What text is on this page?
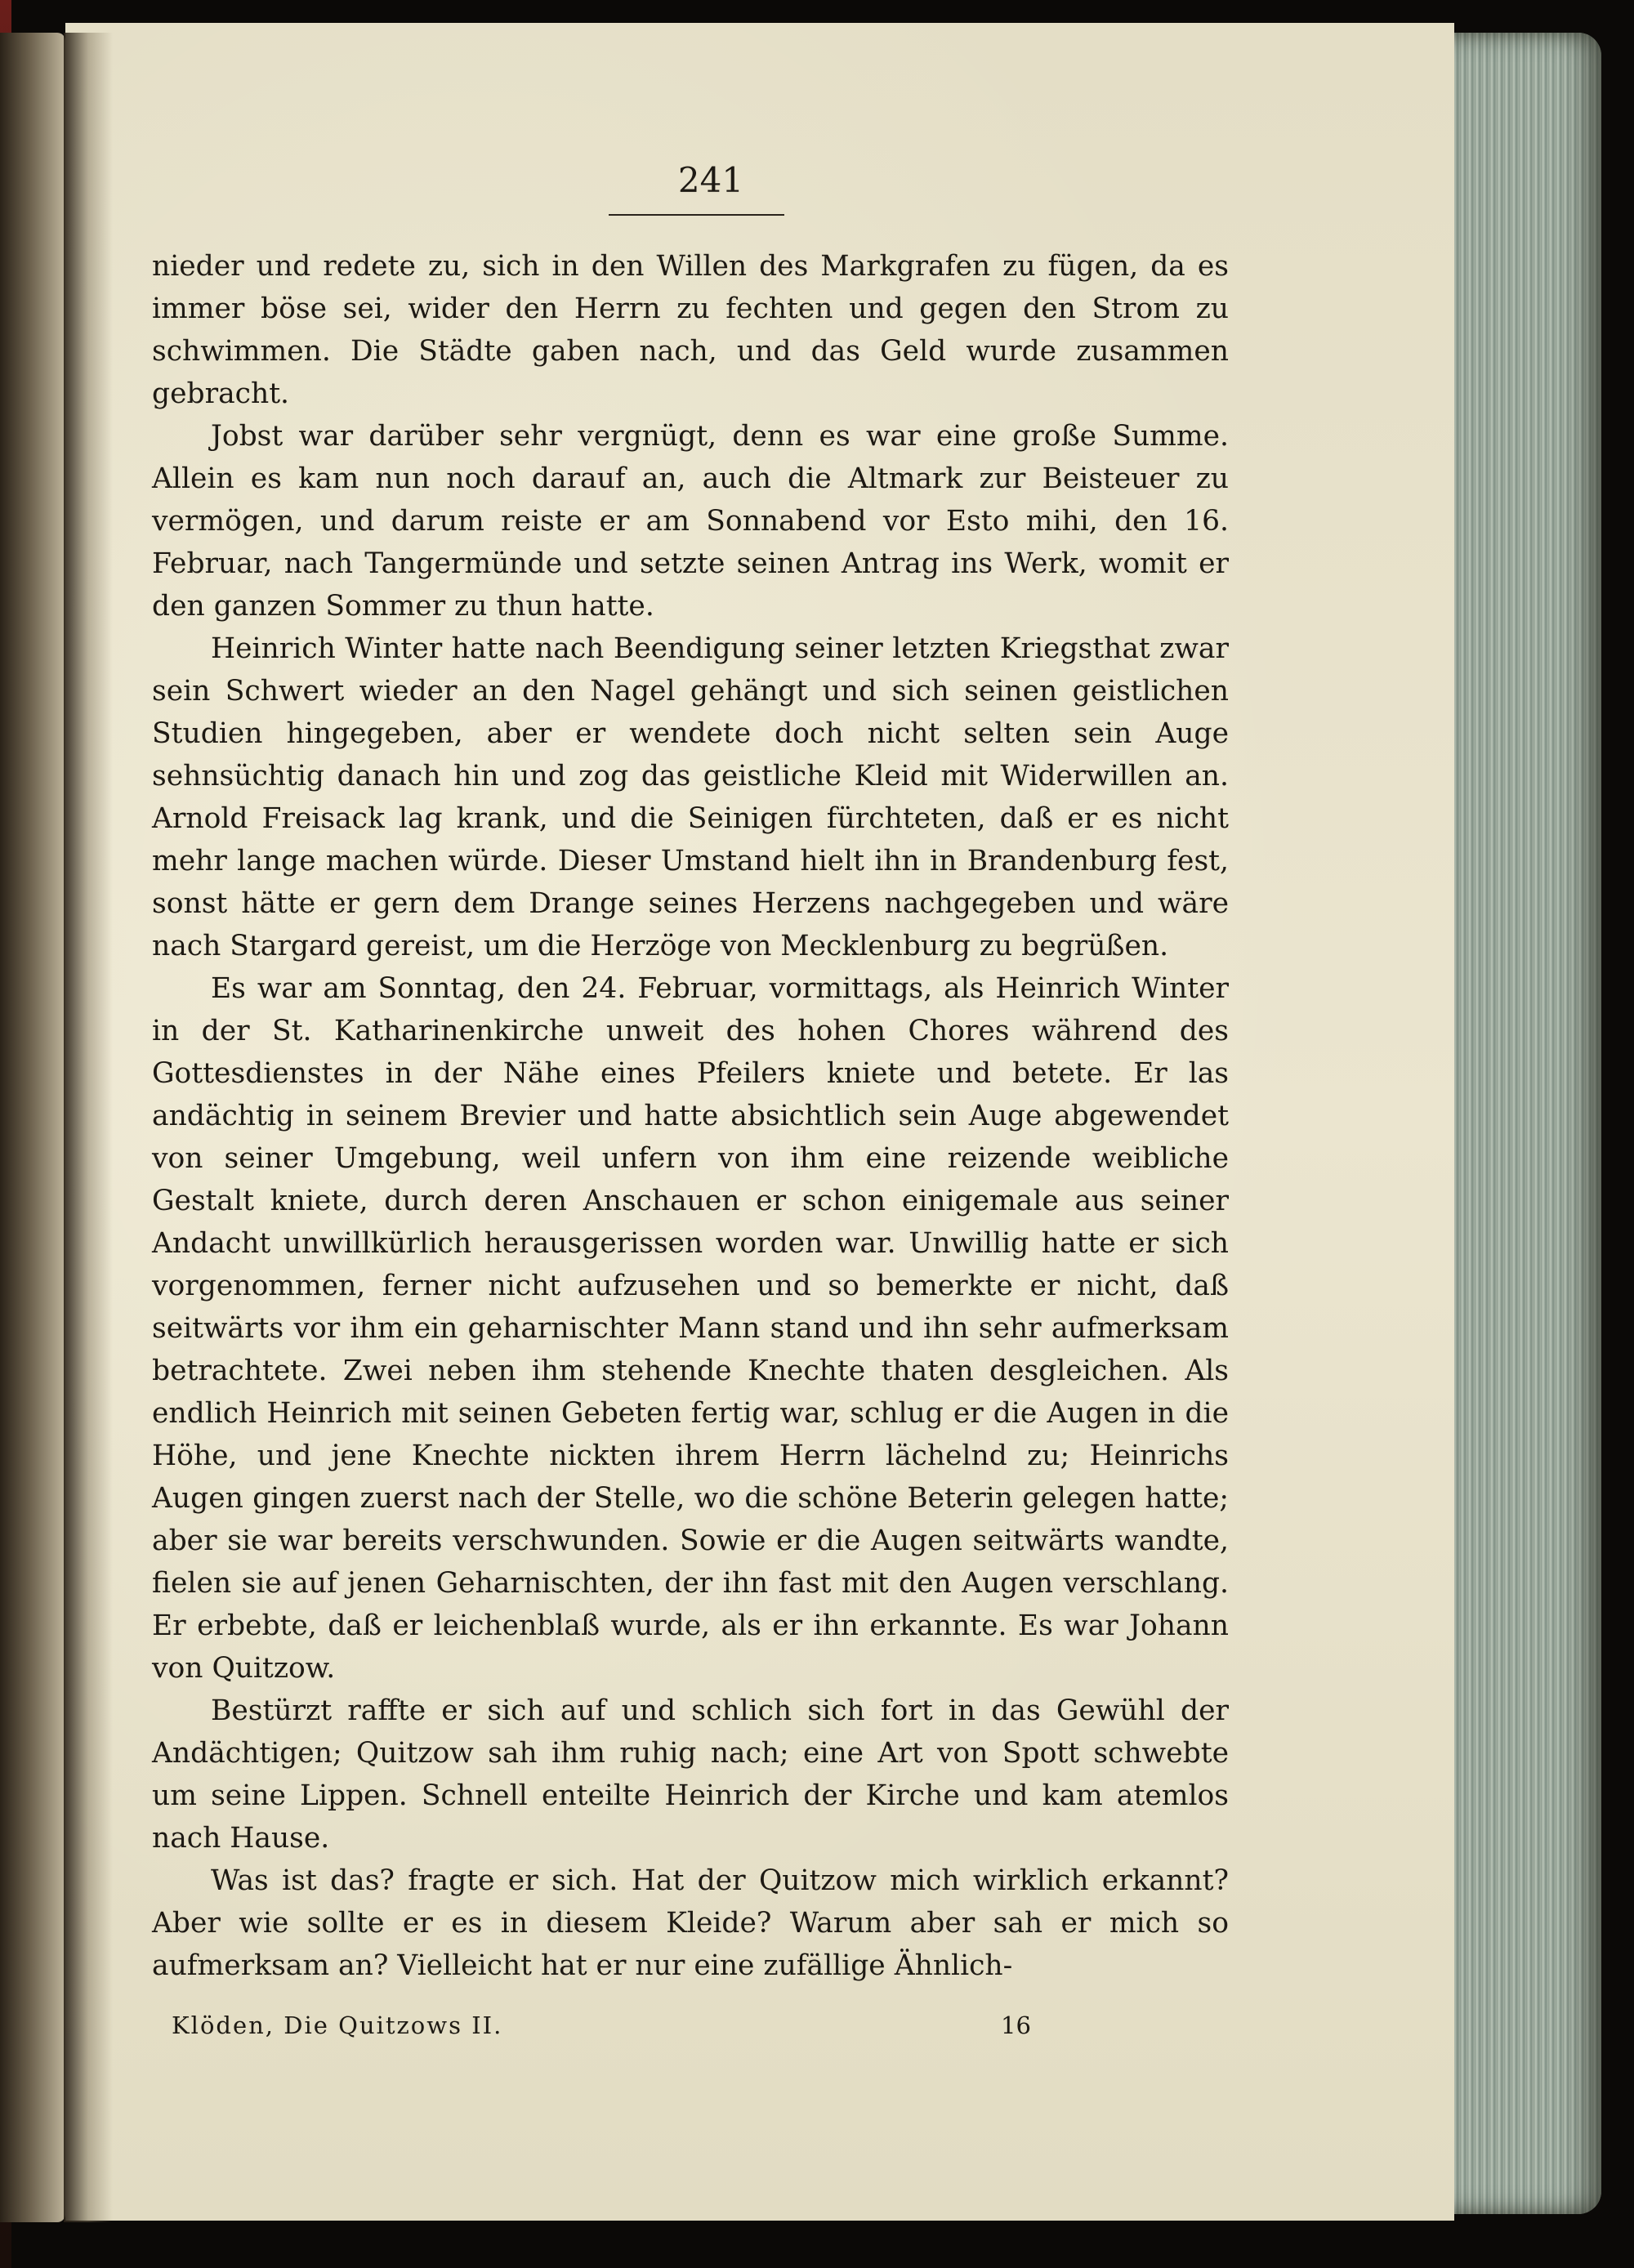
241

nieder und redete zu, sich in den Willen des Markgrafen zu fügen, da es immer böse sei, wider den Herrn zu fechten und gegen den Strom zu schwimmen. Die Städte gaben nach, und das Geld wurde zusammen gebracht.

Jobst war darüber sehr vergnügt, denn es war eine große Summe. Allein es kam nun noch darauf an, auch die Altmark zur Beisteuer zu vermögen, und darum reiste er am Sonnabend vor Esto mihi, den 16. Februar, nach Tangermünde und setzte seinen Antrag ins Werk, womit er den ganzen Sommer zu thun hatte.

Heinrich Winter hatte nach Beendigung seiner letzten Kriegsthat zwar sein Schwert wieder an den Nagel gehängt und sich seinen geistlichen Studien hingegeben, aber er wendete doch nicht selten sein Auge sehnsüchtig danach hin und zog das geistliche Kleid mit Widerwillen an. Arnold Freisack lag krank, und die Seinigen fürchteten, daß er es nicht mehr lange machen würde. Dieser Umstand hielt ihn in Brandenburg fest, sonst hätte er gern dem Drange seines Herzens nachgegeben und wäre nach Stargard gereist, um die Herzöge von Mecklenburg zu begrüßen.

Es war am Sonntag, den 24. Februar, vormittags, als Heinrich Winter in der St. Katharinenkirche unweit des hohen Chores während des Gottesdienstes in der Nähe eines Pfeilers kniete und betete. Er las andächtig in seinem Brevier und hatte absichtlich sein Auge abgewendet von seiner Umgebung, weil unfern von ihm eine reizende weibliche Gestalt kniete, durch deren Anschauen er schon einigemale aus seiner Andacht unwillkürlich herausgerissen worden war. Unwillig hatte er sich vorgenommen, ferner nicht aufzusehen und so bemerkte er nicht, daß seitwärts vor ihm ein geharnischter Mann stand und ihn sehr aufmerksam betrachtete. Zwei neben ihm stehende Knechte thaten desgleichen. Als endlich Heinrich mit seinen Gebeten fertig war, schlug er die Augen in die Höhe, und jene Knechte nickten ihrem Herrn lächelnd zu; Heinrichs Augen gingen zuerst nach der Stelle, wo die schöne Beterin gelegen hatte; aber sie war bereits verschwunden. Sowie er die Augen seitwärts wandte, fielen sie auf jenen Geharnischten, der ihn fast mit den Augen verschlang. Er erbebte, daß er leichenblaß wurde, als er ihn erkannte. Es war Johann von Quitzow.

Bestürzt raffte er sich auf und schlich sich fort in das Gewühl der Andächtigen; Quitzow sah ihm ruhig nach; eine Art von Spott schwebte um seine Lippen. Schnell enteilte Heinrich der Kirche und kam atemlos nach Hause.

Was ist das? fragte er sich. Hat der Quitzow mich wirklich erkannt? Aber wie sollte er es in diesem Kleide? Warum aber sah er mich so aufmerksam an? Vielleicht hat er nur eine zufällige Ähnlich-

Klöden, Die Quitzows II.	16
